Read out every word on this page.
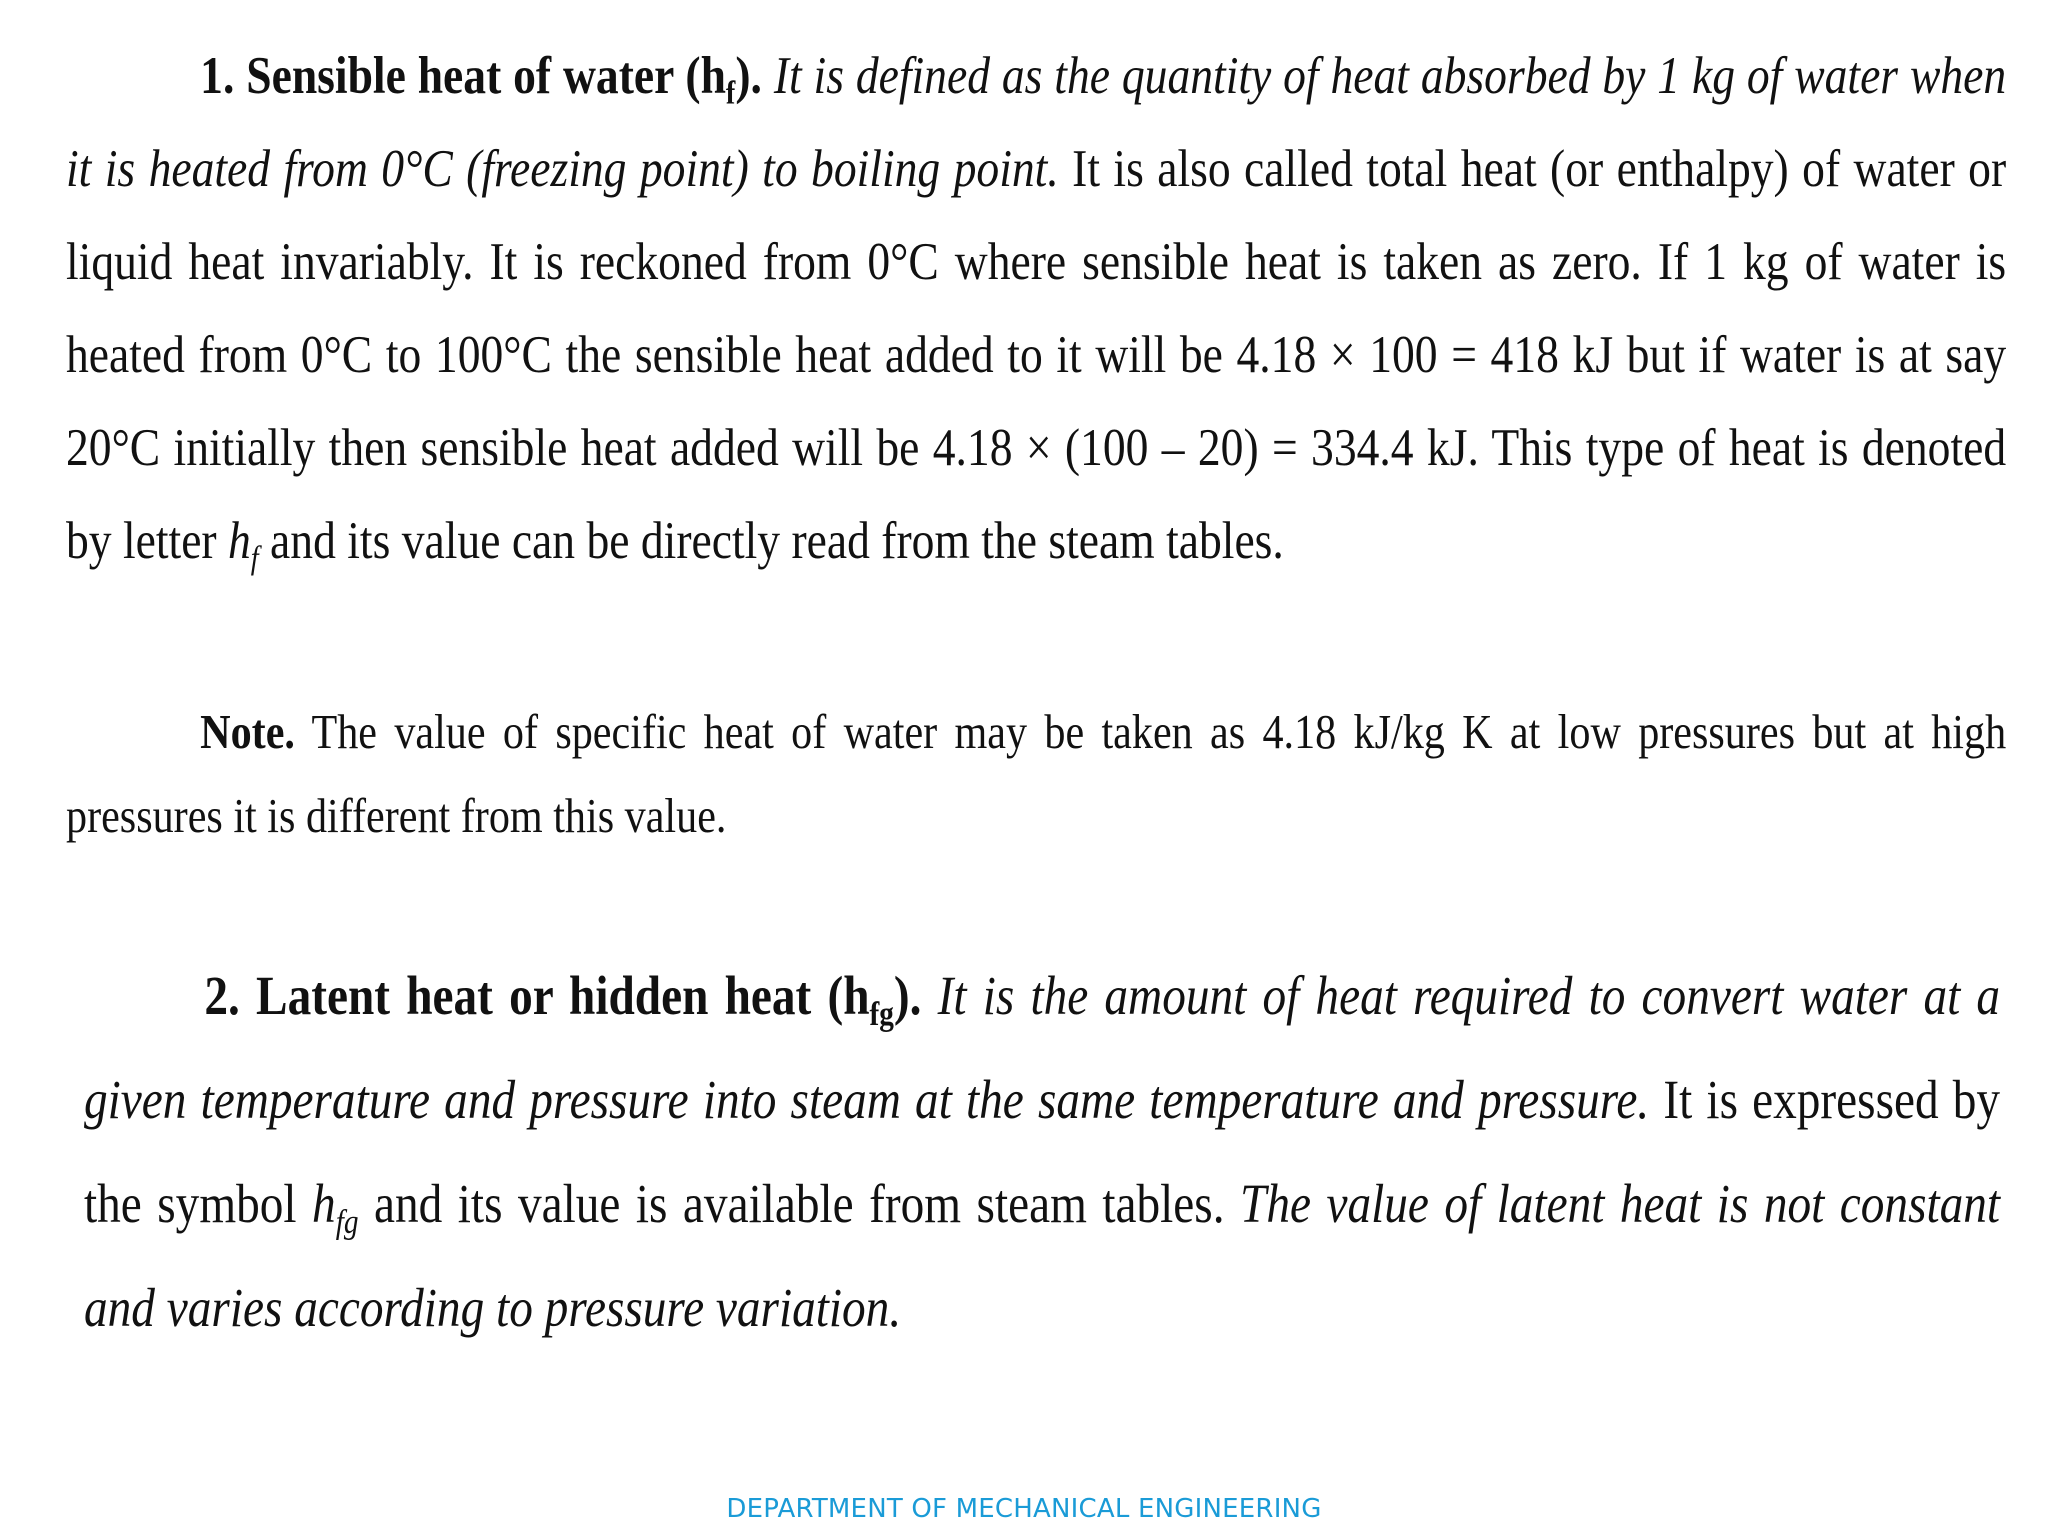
1. Sensible heat of water $(h_f)$. It is defined as the quantity of heat absorbed by 1 kg of water when it is heated from 0°C (freezing point) to boiling point. It is also called total heat (or enthalpy) of water or liquid heat invariably. It is reckoned from 0°C where sensible heat is taken as zero. If 1 kg of water is heated from 0°C to 100°C the sensible heat added to it will be 4.18 × 100 = 418 kJ but if water is at say 20°C initially then sensible heat added will be 4.18 × (100 – 20) = 334.4 kJ. This type of heat is denoted by letter $h_f$ and its value can be directly read from the steam tables.
Note. The value of specific heat of water may be taken as 4.18 kJ/kg K at low pressures but at high pressures it is different from this value.
2. Latent heat or hidden heat $(h_{fg})$. It is the amount of heat required to convert water at a given temperature and pressure into steam at the same temperature and pressure. It is expressed by the symbol $h_{fg}$ and its value is available from steam tables. The value of latent heat is not constant and varies according to pressure variation.
DEPARTMENT OF MECHANICAL ENGINEERING
